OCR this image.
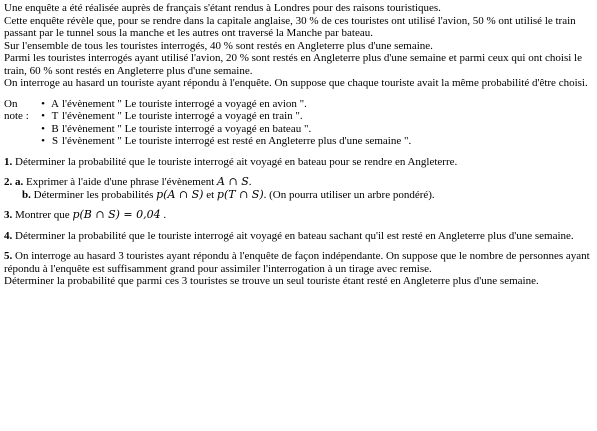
Une enquête a été réalisée auprès de français s'étant rendus à Londres pour des raisons touristiques.

Cette enquête révèle que, pour se rendre dans la capitale anglaise, 30 % de ces touristes ont utilisé l'avion, 50 % ont utilisé le train passant par le tunnel sous la manche et les autres ont traversé la Manche par bateau.

Sur l'ensemble de tous les touristes interrogés, 40 % sont restés en Angleterre plus d'une semaine.

Parmi les touristes interrogés ayant utilisé l'avion, 20 % sont restés en Angleterre plus d'une semaine et parmi ceux qui ont choisi le train, 60 % sont restés en Angleterre plus d'une semaine.

On interroge au hasard un touriste ayant répondu à l'enquête. On suppose que chaque touriste avait la même probabilité d'être choisi.

On note :
• A l'évènement " Le touriste interrogé a voyagé en avion ".
• T l'évènement " Le touriste interrogé a voyagé en train ".
• B l'évènement " Le touriste interrogé a voyagé en bateau ".
• S l'évènement " Le touriste interrogé est resté en Angleterre plus d'une semaine ".

1. Déterminer la probabilité que le touriste interrogé ait voyagé en bateau pour se rendre en Angleterre.

2. a. Exprimer à l'aide d'une phrase l'évènement A ∩ S.

b. Déterminer les probabilités p(A ∩ S) et p(T ∩ S). (On pourra utiliser un arbre pondéré).

3. Montrer que p(B ∩ S) = 0,04 .

4. Déterminer la probabilité que le touriste interrogé ait voyagé en bateau sachant qu'il est resté en Angleterre plus d'une semaine.

5. On interroge au hasard 3 touristes ayant répondu à l'enquête de façon indépendante. On suppose que le nombre de personnes ayant répondu à l'enquête est suffisamment grand pour assimiler l'interrogation à un tirage avec remise.

Déterminer la probabilité que parmi ces 3 touristes se trouve un seul touriste étant resté en Angleterre plus d'une semaine.
